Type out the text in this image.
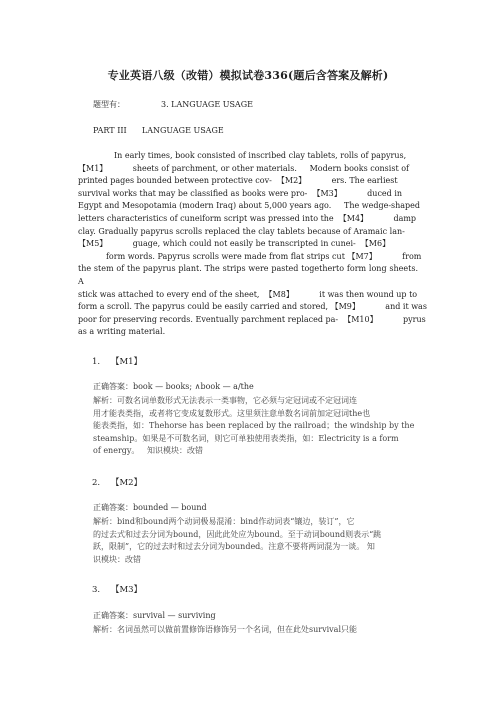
专业英语八级（改错）模拟试卷336(题后含答案及解析)
题型有：	3. LANGUAGE USAGE
PART III      LANGUAGE USAGE

In early times, book consisted of inscribed clay tablets, rolls of papyrus,

【M1】          sheets of parchment, or other materials.     Modern books consist of

printed pages bounded between protective cov-  【M2】          ers. The earliest

survival works that may be classified as books were pro-  【M3】          duced in

Egypt and Mesopotamia (modern Iraq) about 5,000 years ago.     The wedge-shaped

letters characteristics of cuneiform script was pressed into the  【M4】          damp

clay. Gradually papyrus scrolls replaced the clay tablets because of Aramaic lan-

【M5】          guage, which could not easily be transcripted in cunei-  【M6】

form words. Papyrus scrolls were made from flat strips cut 【M7】          from

the stem of the papyrus plant. The strips were pasted togetherto form long sheets. A

stick was attached to every end of the sheet,  【M8】          it was then wound up to

form a scroll. The papyrus could be easily carried and stored, 【M9】          and it was

poor for preserving records. Eventually parchment replaced pa-  【M10】          pyrus

as a writing material.

1. 【M1】
正确答案：book — books; ∧book — a/the
解析：可数名词单数形式无法表示一类事物，它必须与定冠词或不定冠词连
用才能表类指，或者将它变成复数形式。这里须注意单数名词前加定冠词the也
能表类指，如：Thehorse has been replaced by the railroad；the windship by the
steamship。如果是不可数名词，则它可单独使用表类指，如：Electricity is a form
of energy。   知识模块：改错
2. 【M2】
正确答案：bounded — bound
解析：bind和bound两个动词极易混淆：bind作动词表“镶边，装订”，它
的过去式和过去分词为bound，因此此处应为bound。至于动词bound则表示“跳
跃，限制”，它的过去时和过去分词为bounded。注意不要将两词混为一谈。 知
识模块：改错
3. 【M3】
正确答案：survival — surviving
解析：名词虽然可以做前置修饰语修饰另一个名词，但在此处survival只能
